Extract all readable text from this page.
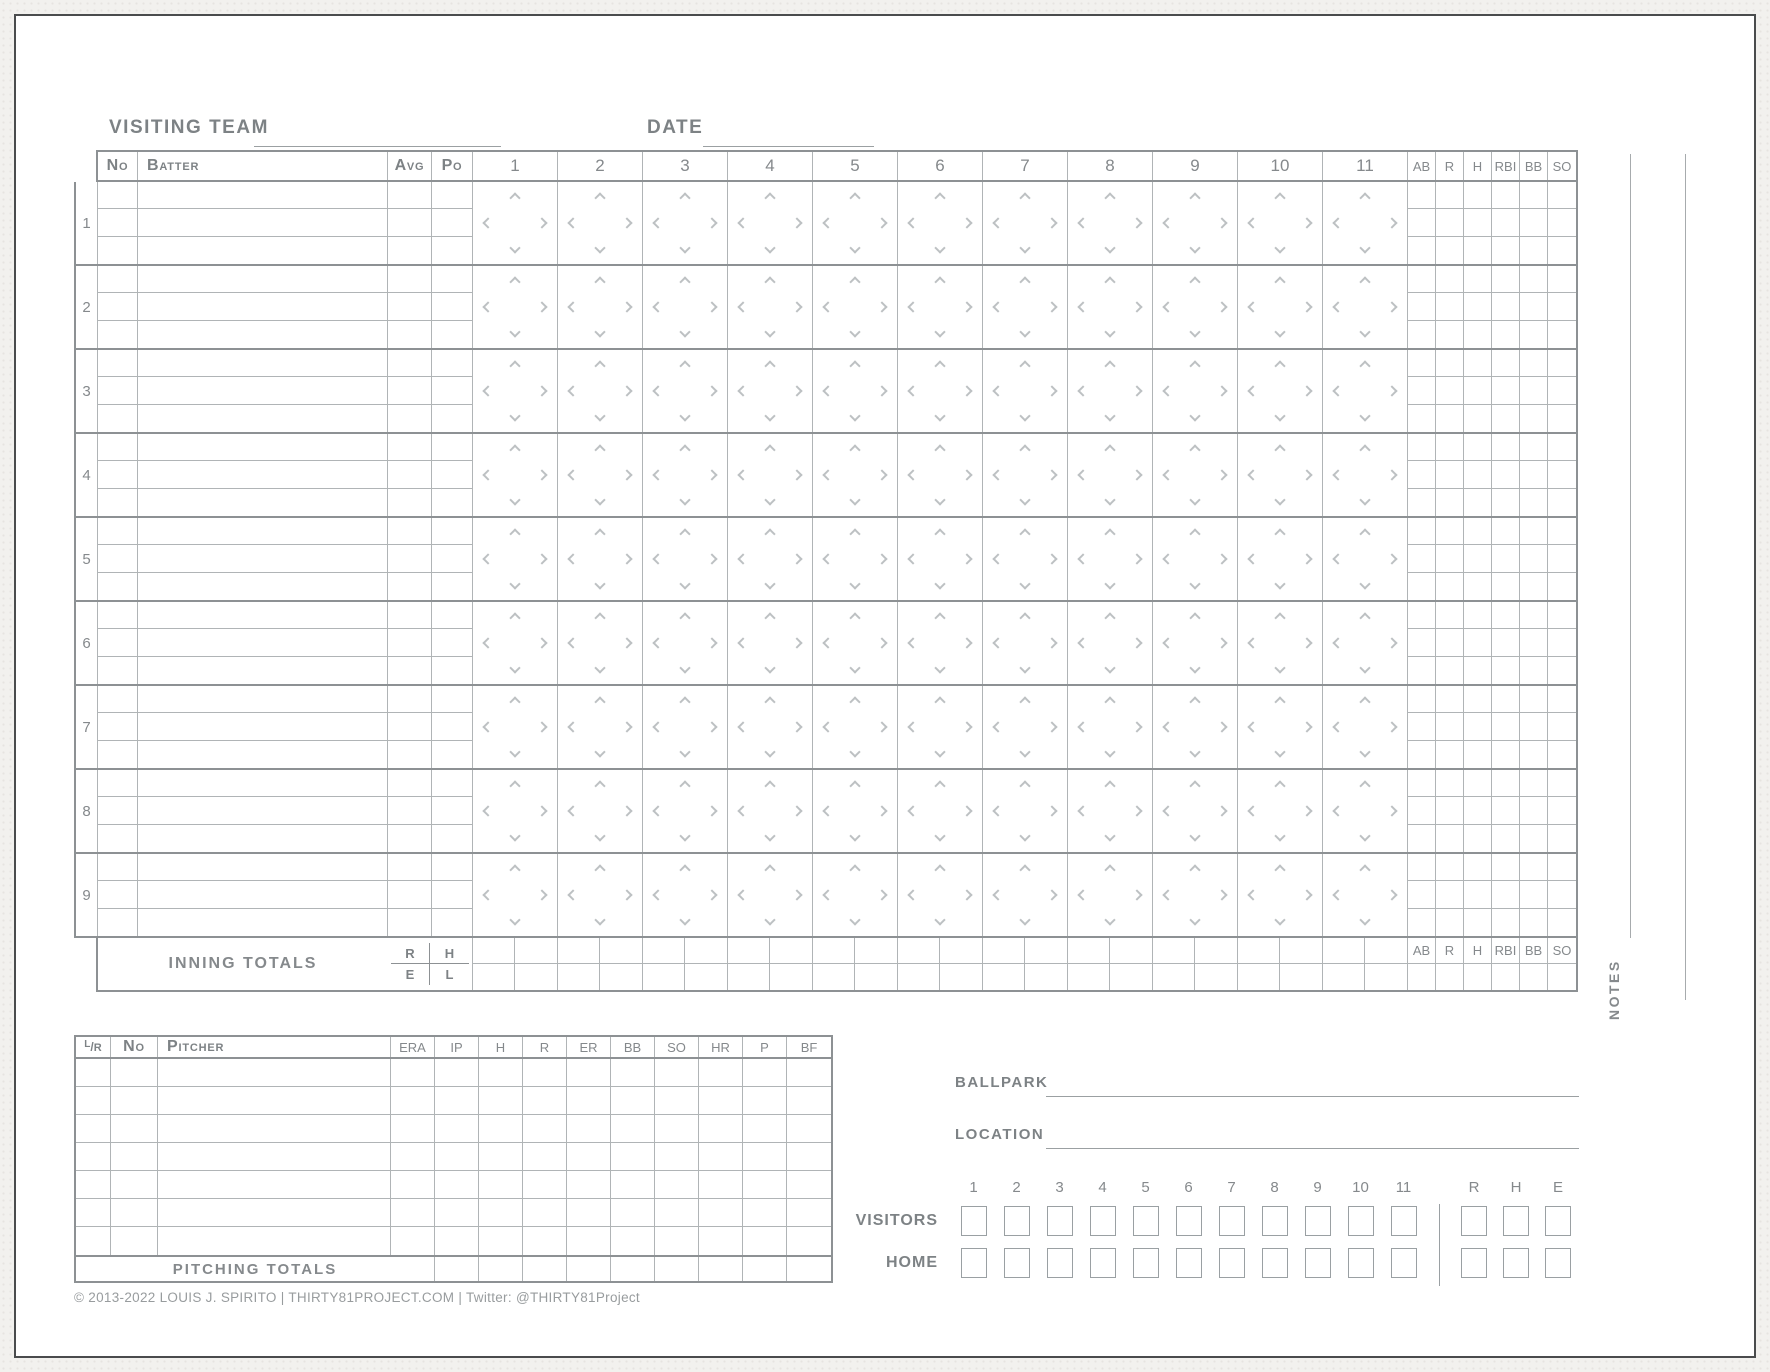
VISITING TEAM	DATE
No	Batter	Avg	Po	1	2	3	4	5	6	7	8	9	10	11	AB	R	H RBI BB SO
1
2
3
4
5
6
7
8
9
INNING TOTALS
R	H
E	L
AB	R	H RBI BB SO
NOTES
L / R	No	Pitcher	ERA	IP	H	R	ER	BB	SO	HR	P	BF
PITCHING TOTALS
© 2013-2022 LOUIS J. SPIRITO | THIRTY81PROJECT.COM | Twitter: @THIRTY81Project
BALLPARK
LOCATION
1	2	3	4	5	6	7	8	9	10	11	R	H	E
VISITORS
HOME
